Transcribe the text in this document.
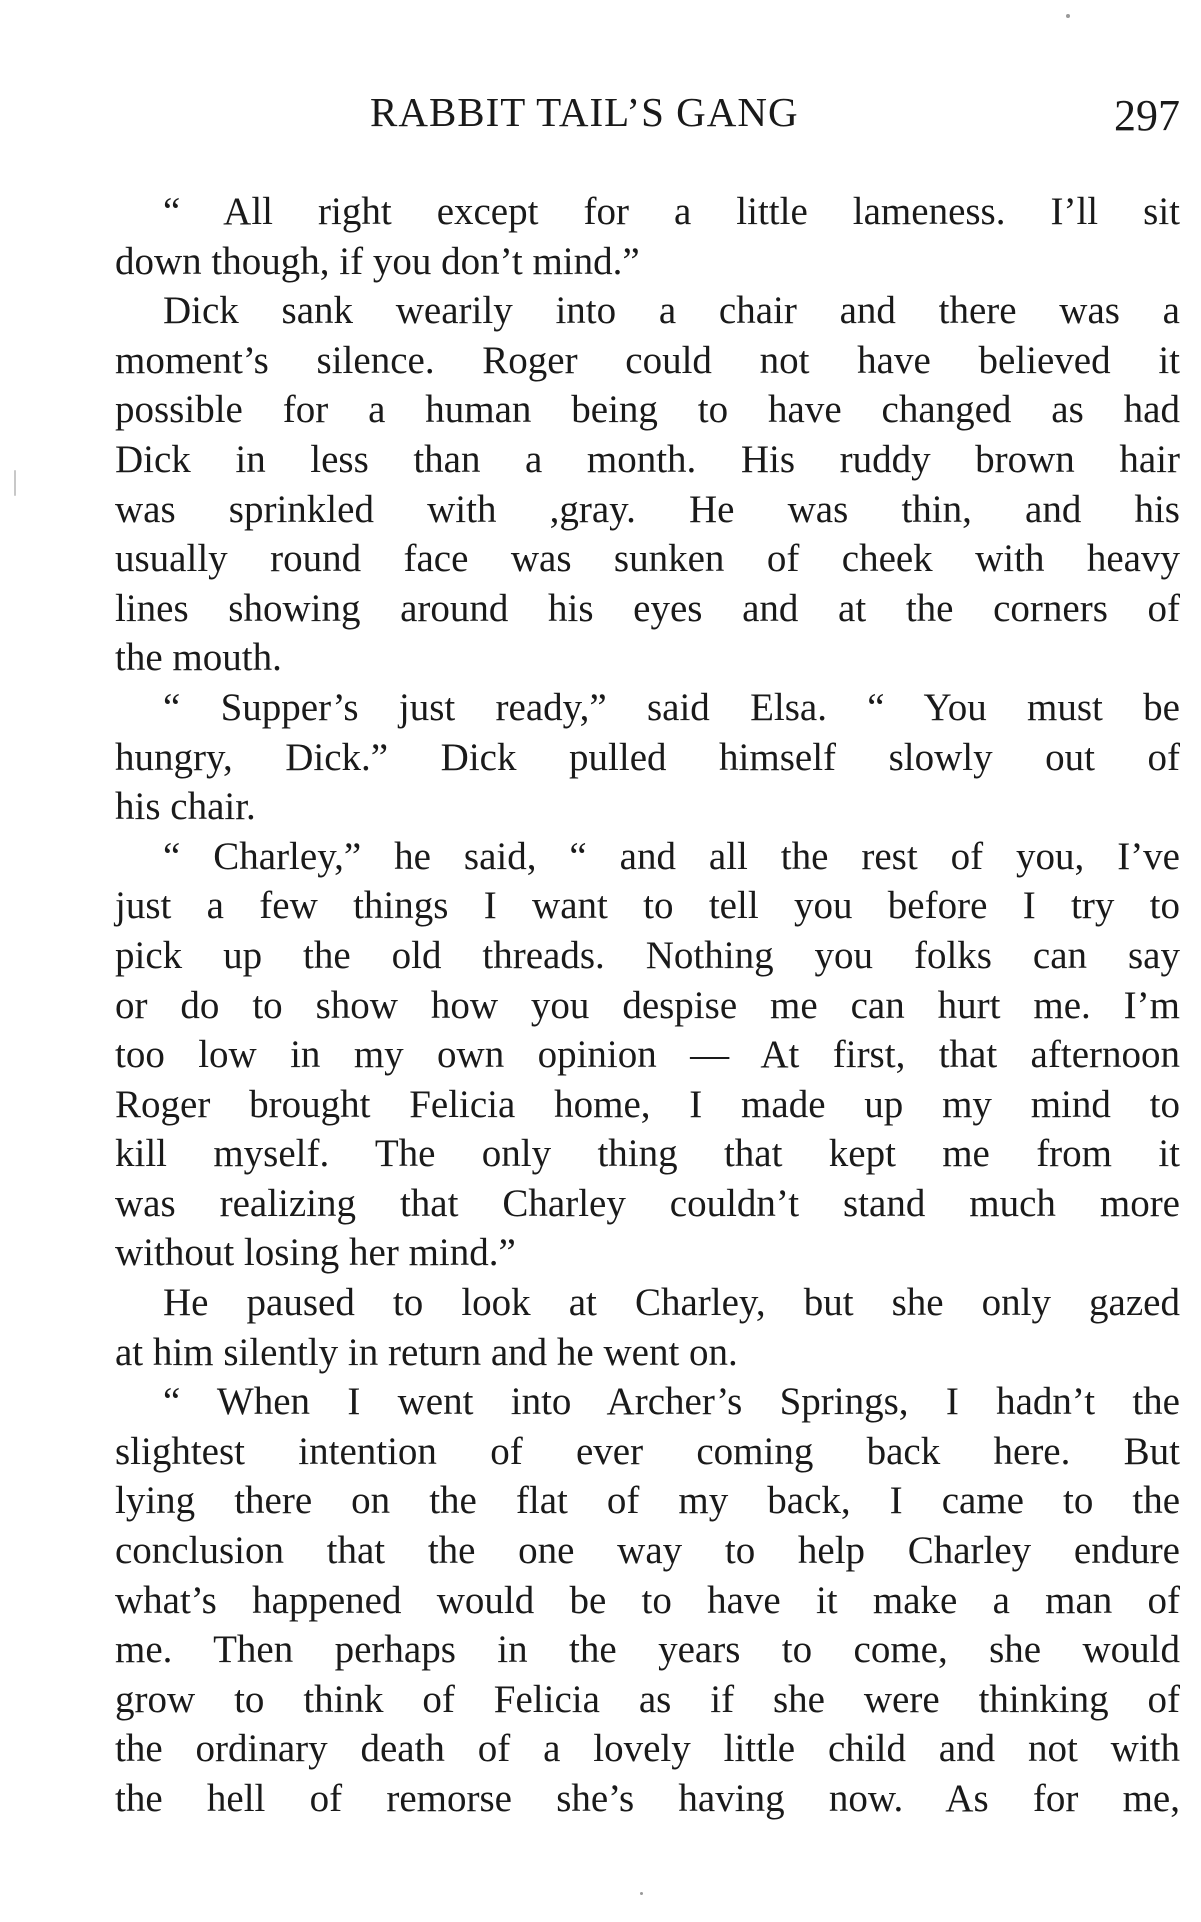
RABBIT TAIL’S GANG	297
“ All right except for a little lameness. I’ll sit
down though, if you don’t mind.”
Dick sank wearily into a chair and there was a
moment’s silence. Roger could not have believed it
possible for a human being to have changed as had
Dick in less than a month. His ruddy brown hair
was sprinkled with ,gray. He was thin, and his
usually round face was sunken of cheek with heavy
lines showing around his eyes and at the corners of
the mouth.
“ Supper’s just ready,” said Elsa. “ You must be
hungry, Dick.” Dick pulled himself slowly out of
his chair.
“ Charley,” he said, “ and all the rest of you, I’ve
just a few things I want to tell you before I try to
pick up the old threads. Nothing you folks can say
or do to show how you despise me can hurt me. I’m
too low in my own opinion — At first, that afternoon
Roger brought Felicia home, I made up my mind to
kill myself. The only thing that kept me from it
was realizing that Charley couldn’t stand much more
without losing her mind.”
He paused to look at Charley, but she only gazed
at him silently in return and he went on.
“ When I went into Archer’s Springs, I hadn’t the
slightest intention of ever coming back here. But
lying there on the flat of my back, I came to the
conclusion that the one way to help Charley endure
what’s happened would be to have it make a man of
me. Then perhaps in the years to come, she would
grow to think of Felicia as if she were thinking of
the ordinary death of a lovely little child and not with
the hell of remorse she’s having now. As for me,
